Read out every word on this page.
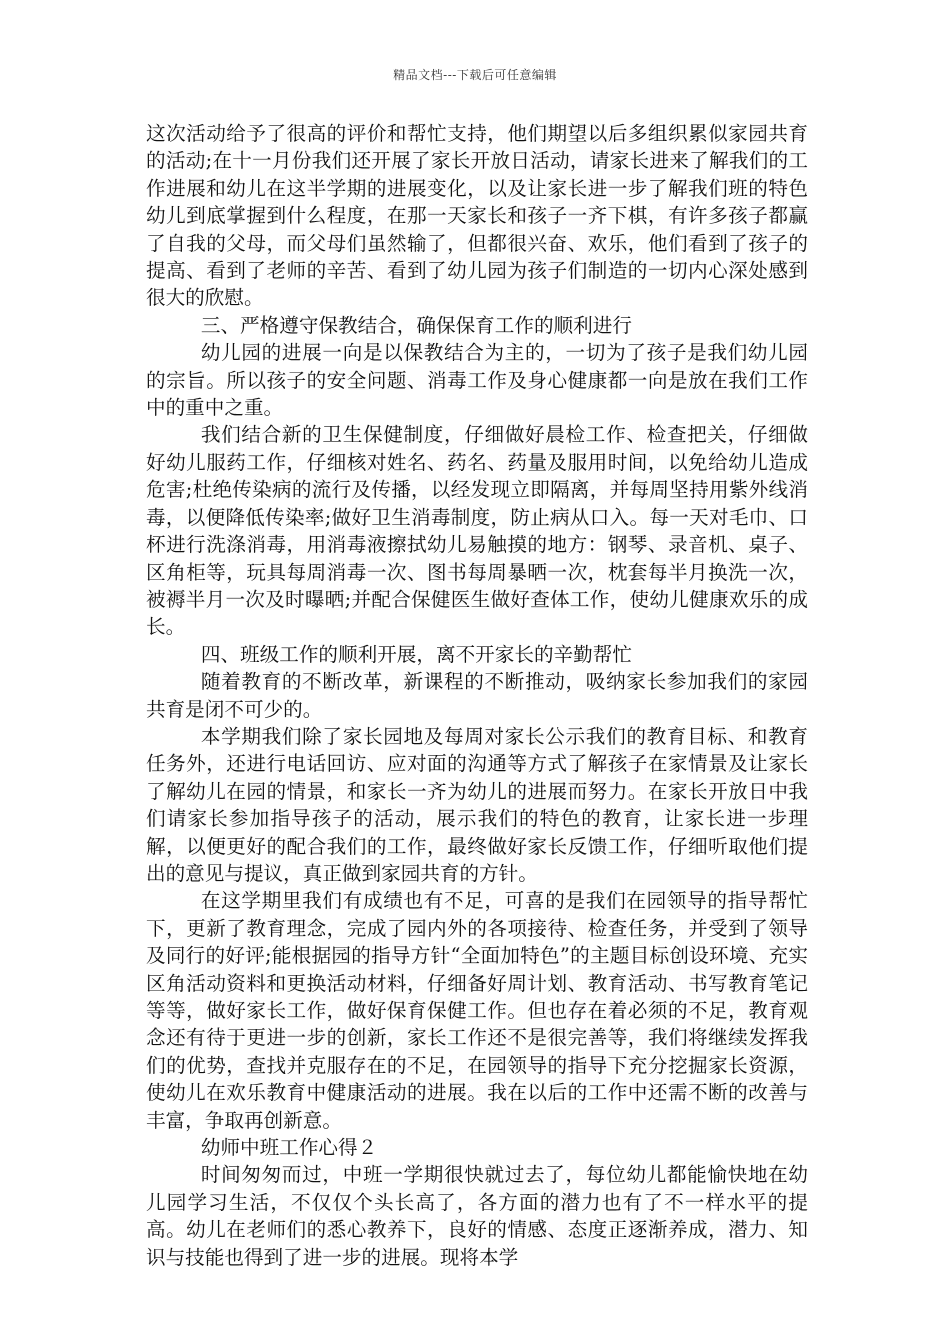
精品文档---下载后可任意编辑

这次活动给予了很高的评价和帮忙支持，他们期望以后多组织累似家园共育的活动;在十一月份我们还开展了家长开放日活动，请家长进来了解我们的工作进展和幼儿在这半学期的进展变化，以及让家长进一步了解我们班的特色幼儿到底掌握到什么程度，在那一天家长和孩子一齐下棋，有许多孩子都赢了自我的父母，而父母们虽然输了，但都很兴奋、欢乐，他们看到了孩子的提高、看到了老师的辛苦、看到了幼儿园为孩子们制造的一切内心深处感到很大的欣慰。

三、严格遵守保教结合，确保保育工作的顺利进行

幼儿园的进展一向是以保教结合为主的，一切为了孩子是我们幼儿园的宗旨。所以孩子的安全问题、消毒工作及身心健康都一向是放在我们工作中的重中之重。

我们结合新的卫生保健制度，仔细做好晨检工作、检查把关，仔细做好幼儿服药工作，仔细核对姓名、药名、药量及服用时间，以免给幼儿造成危害;杜绝传染病的流行及传播，以经发现立即隔离，并每周坚持用紫外线消毒，以便降低传染率;做好卫生消毒制度，防止病从口入。每一天对毛巾、口杯进行洗涤消毒，用消毒液擦拭幼儿易触摸的地方：钢琴、录音机、桌子、区角柜等，玩具每周消毒一次、图书每周暴晒一次，枕套每半月换洗一次，被褥半月一次及时曝晒;并配合保健医生做好查体工作，使幼儿健康欢乐的成长。

四、班级工作的顺利开展，离不开家长的辛勤帮忙

随着教育的不断改革，新课程的不断推动，吸纳家长参加我们的家园共育是闭不可少的。

本学期我们除了家长园地及每周对家长公示我们的教育目标、和教育任务外，还进行电话回访、应对面的沟通等方式了解孩子在家情景及让家长了解幼儿在园的情景，和家长一齐为幼儿的进展而努力。在家长开放日中我们请家长参加指导孩子的活动，展示我们的特色的教育，让家长进一步理解，以便更好的配合我们的工作，最终做好家长反馈工作，仔细听取他们提出的意见与提议，真正做到家园共育的方针。

在这学期里我们有成绩也有不足，可喜的是我们在园领导的指导帮忙下，更新了教育理念，完成了园内外的各项接待、检查任务，并受到了领导及同行的好评;能根据园的指导方针“全面加特色”的主题目标创设环境、充实区角活动资料和更换活动材料，仔细备好周计划、教育活动、书写教育笔记等等，做好家长工作，做好保育保健工作。但也存在着必须的不足，教育观念还有待于更进一步的创新，家长工作还不是很完善等，我们将继续发挥我们的优势，查找并克服存在的不足，在园领导的指导下充分挖掘家长资源，使幼儿在欢乐教育中健康活动的进展。我在以后的工作中还需不断的改善与丰富，争取再创新意。

幼师中班工作心得２

时间匆匆而过，中班一学期很快就过去了，每位幼儿都能愉快地在幼儿园学习生活，不仅仅个头长高了，各方面的潜力也有了不一样水平的提高。幼儿在老师们的悉心教养下，良好的情感、态度正逐渐养成，潜力、知识与技能也得到了进一步的进展。现将本学
